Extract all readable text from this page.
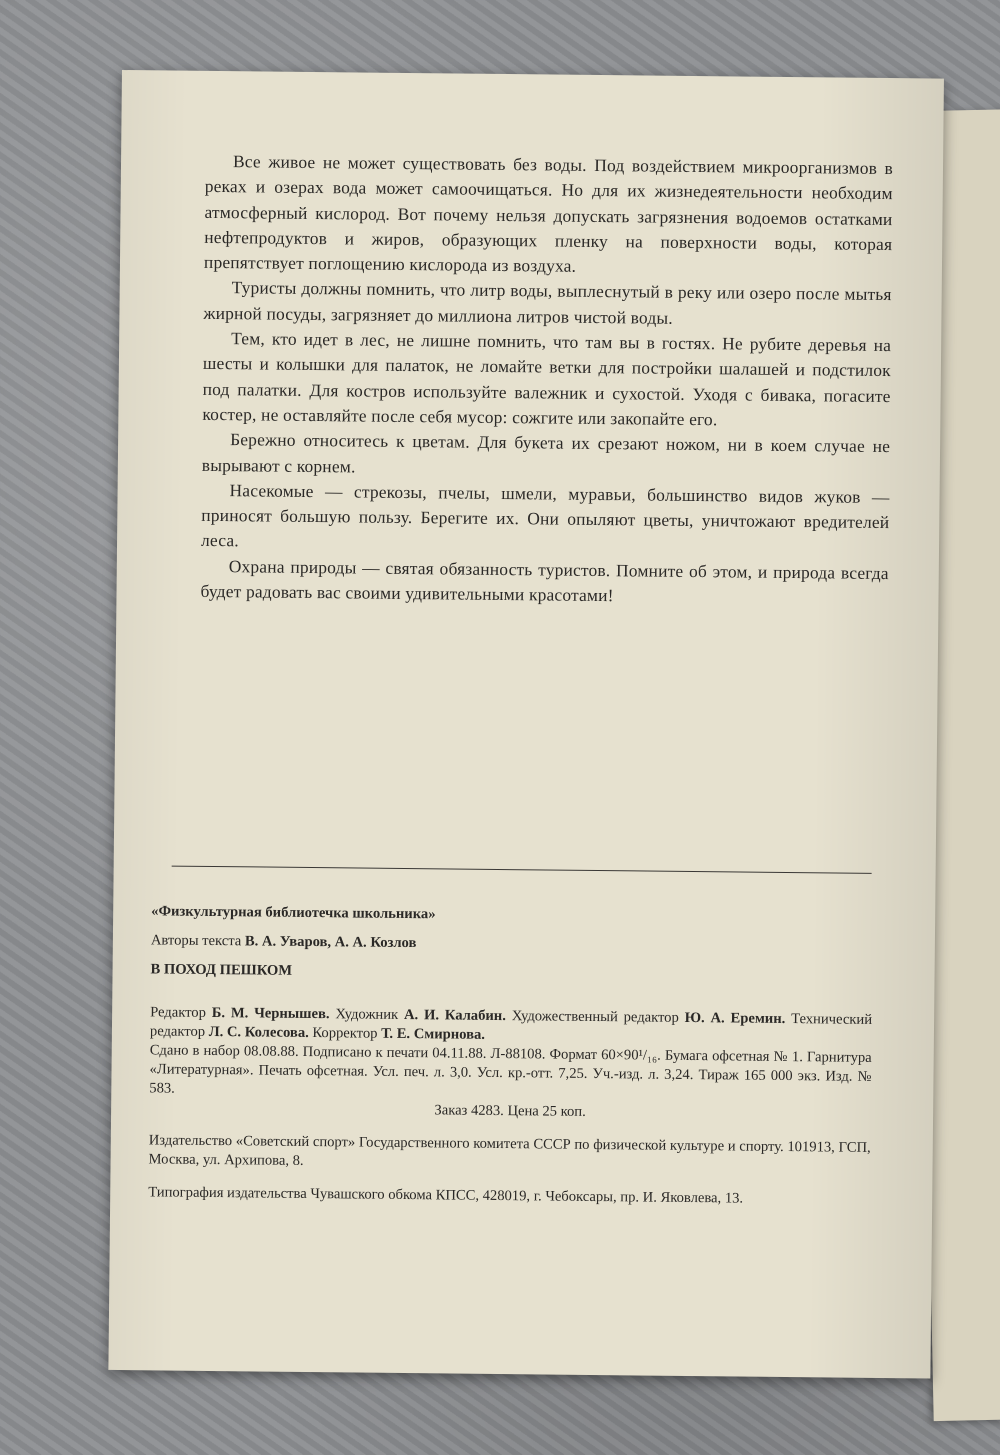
Все живое не может существовать без воды. Под воздействием микроорганизмов в реках и озерах вода может самоочищаться. Но для их жизнедеятельности необходим атмосферный кислород. Вот почему нельзя допускать загрязнения водоемов остатками нефтепродуктов и жиров, образующих пленку на поверхности воды, которая препятствует поглощению кислорода из воздуха.

Туристы должны помнить, что литр воды, выплеснутый в реку или озеро после мытья жирной посуды, загрязняет до миллиона литров чистой воды.

Тем, кто идет в лес, не лишне помнить, что там вы в гостях. Не рубите деревья на шесты и колышки для палаток, не ломайте ветки для постройки шалашей и подстилок под палатки. Для костров используйте валежник и сухостой. Уходя с бивака, погасите костер, не оставляйте после себя мусор: сожгите или закопайте его.

Бережно относитесь к цветам. Для букета их срезают ножом, ни в коем случае не вырывают с корнем.

Насекомые — стрекозы, пчелы, шмели, муравьи, большинство видов жуков — приносят большую пользу. Берегите их. Они опыляют цветы, уничтожают вредителей леса.

Охрана природы — святая обязанность туристов. Помните об этом, и природа всегда будет радовать вас своими удивительными красотами!

«Физкультурная библиотечка школьника»
Авторы текста В. А. Уваров, А. А. Козлов
В ПОХОД ПЕШКОМ
Редактор Б. М. Чернышев. Художник А. И. Калабин. Художественный редактор Ю. А. Еремин. Технический редактор Л. С. Колесова. Корректор Т. Е. Смирнова.
Сдано в набор 08.08.88. Подписано к печати 04.11.88. Л-88108. Формат 60×90¹/₁₆. Бумага офсетная № 1. Гарнитура «Литературная». Печать офсетная. Усл. печ. л. 3,0. Усл. кр.-отт. 7,25. Уч.-изд. л. 3,24. Тираж 165 000 экз. Изд. № 583.
Заказ 4283. Цена 25 коп.
Издательство «Советский спорт» Государственного комитета СССР по физической культуре и спорту. 101913, ГСП, Москва, ул. Архипова, 8.
Типография издательства Чувашского обкома КПСС, 428019, г. Чебоксары, пр. И. Яковлева, 13.
